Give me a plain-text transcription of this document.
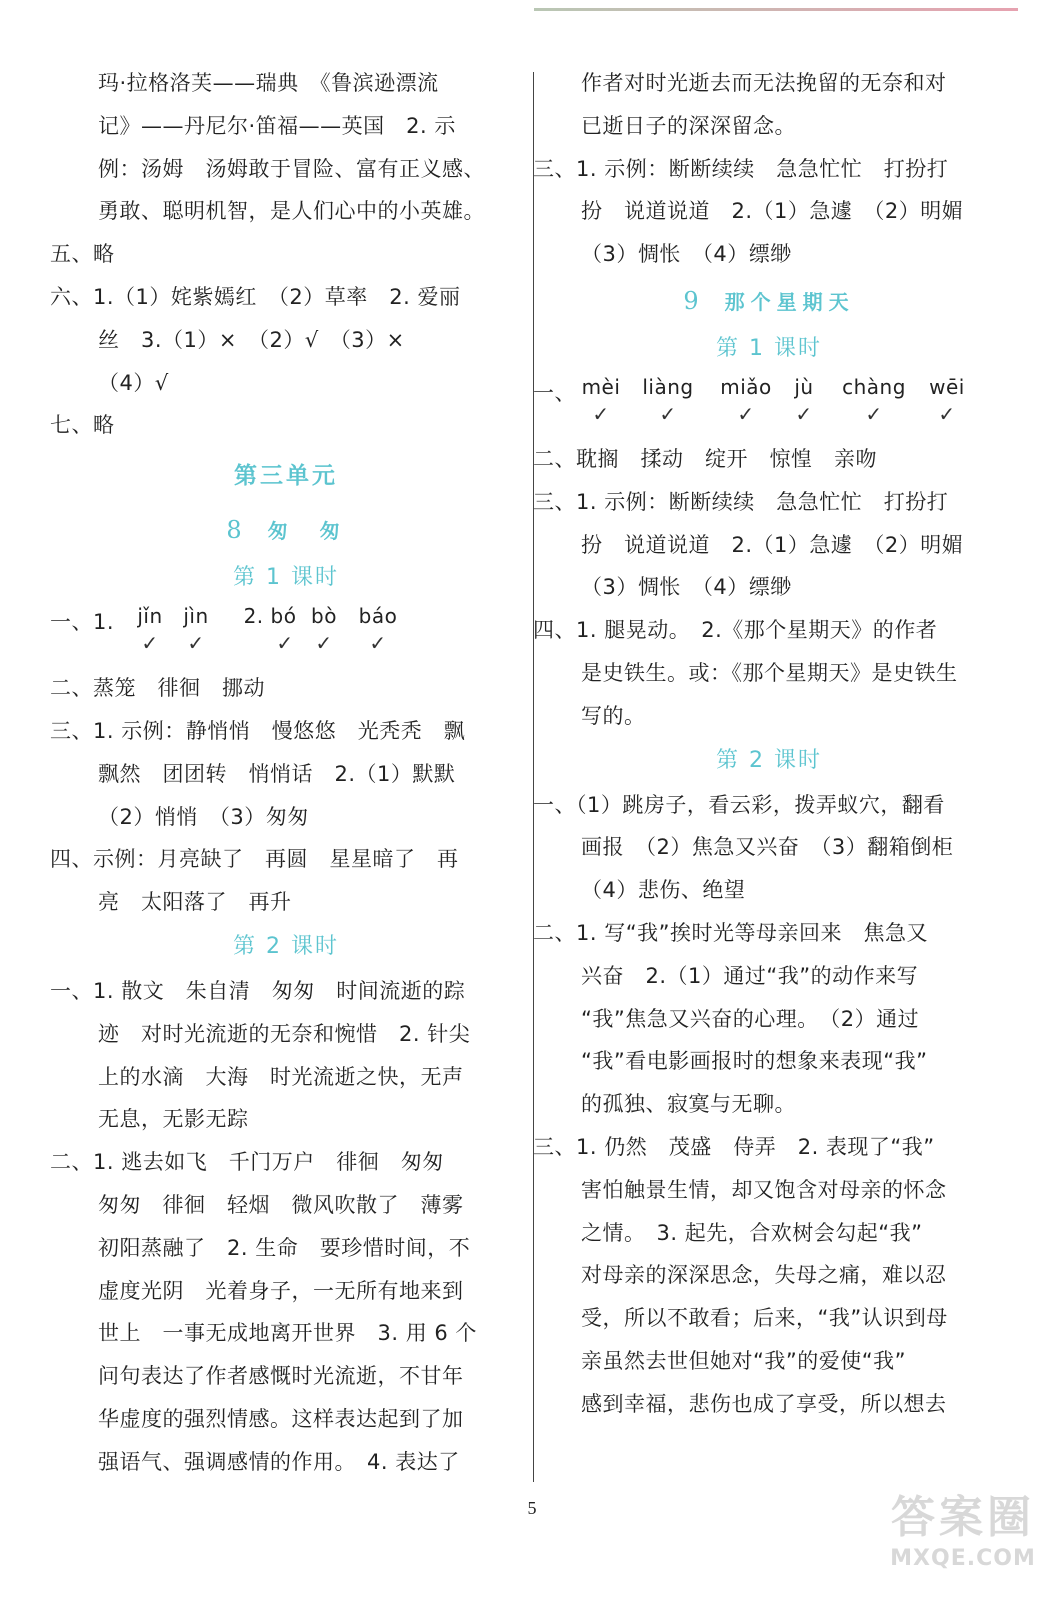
玛·拉格洛芙——瑞典　《鲁滨逊漂流
记》——丹尼尔·笛福——英国　2. 示
例：汤姆　汤姆敢于冒险、富有正义感、
勇敢、聪明机智，是人们心中的小英雄。
五、略
六、1.（1）姹紫嫣红　（2）草率　2. 爱丽
丝　3.（1）×　（2）√　（3）×
（4）√
七、略
第三单元
8 匆　匆
第 1 课时
一、1.	jǐn
✓
jìn
✓
2. bó
✓
bò
✓
báo
✓
二、蒸笼　徘徊　挪动
三、1. 示例：静悄悄　慢悠悠　光秃秃　飘
飘然　团团转　悄悄话　2.（1）默默
（2）悄悄　（3）匆匆
四、示例：月亮缺了　再圆　星星暗了　再
亮　太阳落了　再升
第 2 课时
一、1. 散文　朱自清　匆匆　时间流逝的踪
迹　对时光流逝的无奈和惋惜　2. 针尖
上的水滴　大海　时光流逝之快，无声
无息，无影无踪
二、1. 逃去如飞　千门万户　徘徊　匆匆
匆匆　徘徊　轻烟　微风吹散了　薄雾
初阳蒸融了　2. 生命　要珍惜时间，不
虚度光阴　光着身子，一无所有地来到
世上　一事无成地离开世界　3. 用 6 个
问句表达了作者感慨时光流逝，不甘年
华虚度的强烈情感。这样表达起到了加
强语气、强调感情的作用。　4. 表达了
作者对时光逝去而无法挽留的无奈和对
已逝日子的深深留念。
三、1. 示例：断断续续　急急忙忙　打扮打
扮　说道说道　2.（1）急遽　（2）明媚
（3）惆怅　（4）缥缈
9 那个星期天
第 1 课时
一、 mèi
✓
liàng
✓
miǎo
✓
jù
✓
chàng
✓
wēi
✓
二、耽搁　揉动　绽开　惊惶　亲吻
三、1. 示例：断断续续　急急忙忙　打扮打
扮　说道说道　2.（1）急遽　（2）明媚
（3）惆怅　（4）缥缈
四、1. 腿晃动。　2.《那个星期天》的作者
是史铁生。或：《那个星期天》是史铁生
写的。
第 2 课时
一、（1）跳房子，看云彩，拨弄蚁穴，翻看
画报　（2）焦急又兴奋　（3）翻箱倒柜
（4）悲伤、绝望
二、1. 写“我”挨时光等母亲回来　焦急又
兴奋　2.（1）通过“我”的动作来写
“我”焦急又兴奋的心理。　（2）通过
“我”看电影画报时的想象来表现“我”
的孤独、寂寞与无聊。
三、1. 仍然　茂盛　侍弄　2. 表现了“我”
害怕触景生情，却又饱含对母亲的怀念
之情。　3. 起先，合欢树会勾起“我”
对母亲的深深思念，失母之痛，难以忍
受，所以不敢看；后来，“我”认识到母
亲虽然去世但她对“我”的爱使“我”
感到幸福，悲伤也成了享受，所以想去
5	答案圈
MXQE.COM
